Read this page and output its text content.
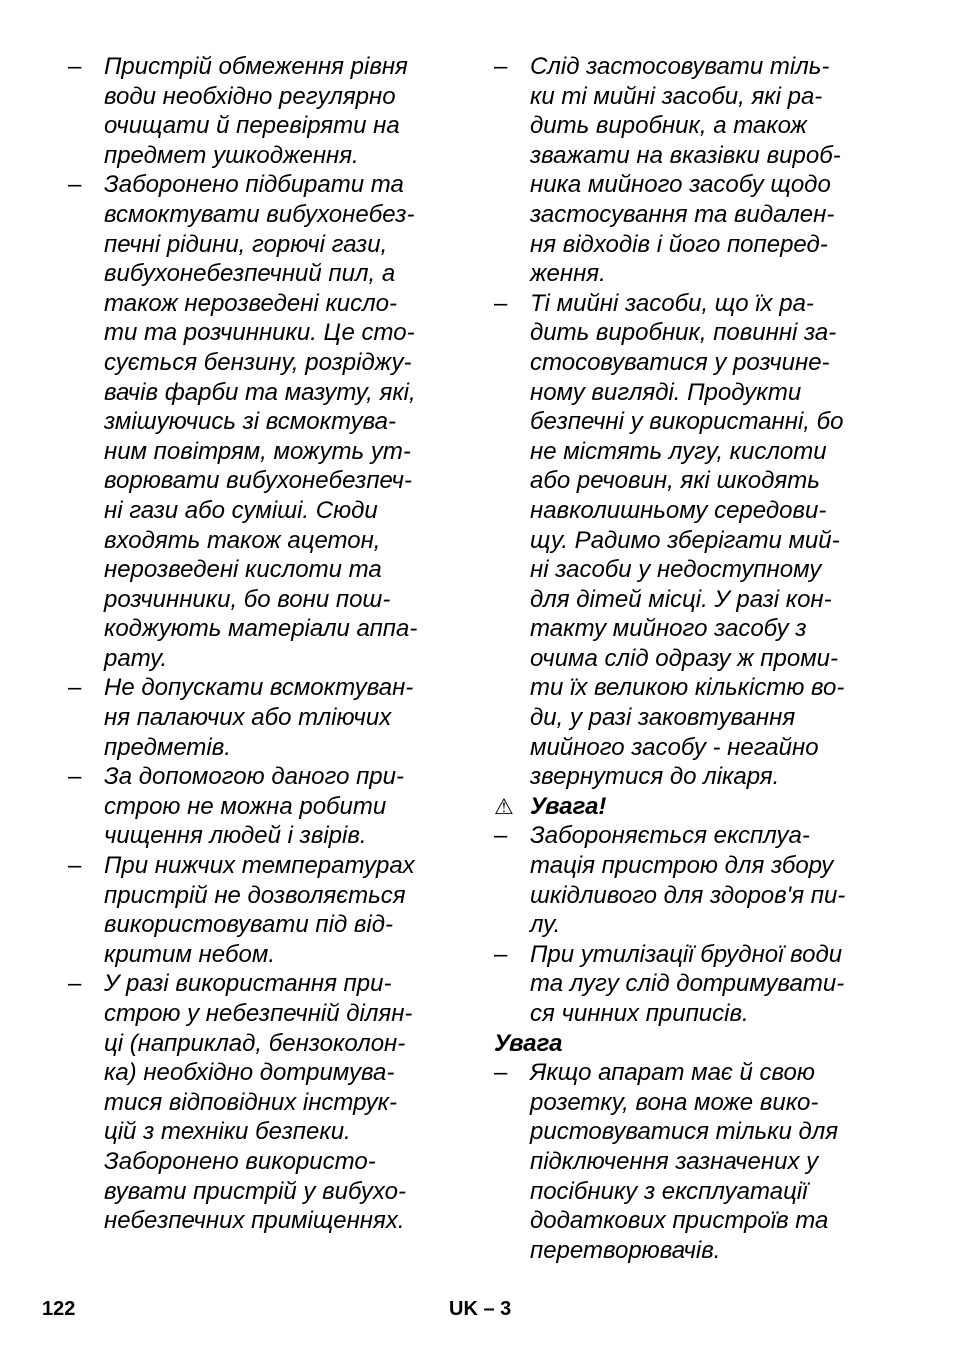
– Пристрій обмеження рівня
води необхідно регулярно
очищати й перевіряти на
предмет ушкодження.
– Заборонено підбирати та
всмоктувати вибухонебез-
печні рідини, горючі гази,
вибухонебезпечний пил, а
також нерозведені кисло-
ти та розчинники. Це сто-
сується бензину, розріджу-
вачів фарби та мазуту, які,
змішуючись зі всмоктува-
ним повітрям, можуть ут-
ворювати вибухонебезпеч-
ні гази або суміші. Сюди
входять також ацетон,
нерозведені кислоти та
розчинники, бо вони пош-
коджують матеріали аппа-
рату.
– Не допускати всмоктуван-
ня палаючих або тліючих
предметів.
– За допомогою даного при-
строю не можна робити
чищення людей і звірів.
– При нижчих температурах
пристрій не дозволяється
використовувати під від-
критим небом.
– У разі використання при-
строю у небезпечній ділян-
ці (наприклад, бензоколон-
ка) необхідно дотримува-
тися відповідних інструк-
цій з техніки безпеки.
Заборонено використо-
вувати пристрій у вибухо-
небезпечних приміщеннях.
– Слід застосовувати тіль-
ки ті мийні засоби, які ра-
дить виробник, а також
зважати на вказівки вироб-
ника мийного засобу щодо
застосування та видален-
ня відходів і його поперед-
ження.
– Ті мийні засоби, що їх ра-
дить виробник, повинні за-
стосовуватися у розчине-
ному вигляді. Продукти
безпечні у використанні, бо
не містять лугу, кислоти
або речовин, які шкодять
навколишньому середови-
щу. Радимо зберігати мий-
ні засоби у недоступному
для дітей місці. У разі кон-
такту мийного засобу з
очима слід одразу ж проми-
ти їх великою кількістю во-
ди, у разі заковтування
мийного засобу - негайно
звернутися до лікаря.
⚠ Увага!
– Забороняється експлуа-
тація пристрою для збору
шкідливого для здоров'я пи-
лу.
– При утилізації брудної води
та лугу слід дотримувати-
ся чинних приписів.
Увага
– Якщо апарат має й свою
розетку, вона може вико-
ристовуватися тільки для
підключення зазначених у
посібнику з експлуатації
додаткових пристроїв та
перетворювачів.
122	UK – 3
